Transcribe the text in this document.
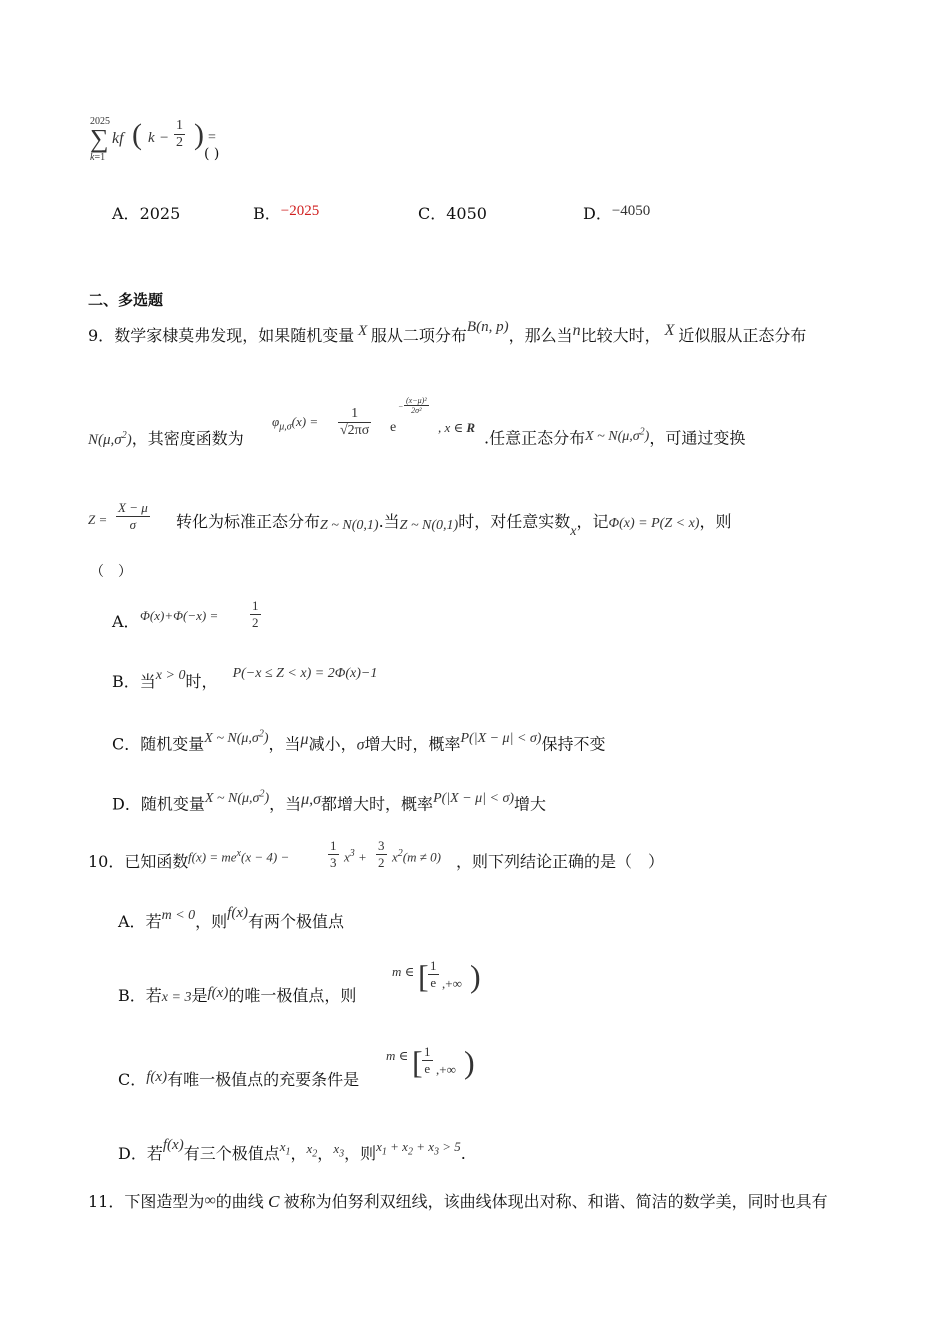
2025
∑
k=1
kf ( $k - \frac{1}{2}$ ) =
( )
A．2025	B．−2025	C．4050	D．−4050
二、多选题
9．数学家棣莫弗发现，如果随机变量 X 服从二项分布B(n, p)，那么当n比较大时， X 近似服从正态分布
$N(\mu,\sigma^2)$，其密度函数为
$\varphi_{\mu,\sigma}(x) = \frac{1}{√2\pi\sigma}$ e
− $\frac{\text{(x−μ)²}}{\text{2σ²}}$
, x ∈ R
.任意正态分布X ~ $N(\mu,\sigma^2)$，可通过变换
$Z = \frac{X - \mu}{\sigma}$ 转化为标准正态分布Z ~ N(0,1).当Z ~ N(0,1)时，对任意实数x，记Φ(x) = P(Z < x)，则
（　）
A． $\Phi(x)+\Phi(-x) = \frac{1}{2}$
B．当x > 0时， P(−x ≤ Z < x) = 2Φ(x)−1
C．随机变量X ~ $N(\mu,\sigma^2)$，当μ减小，σ增大时，概率P(|X − μ| < σ)保持不变
D．随机变量X ~ $N(\mu,\sigma^2)$，当μ,σ都增大时，概率P(|X − μ| < σ)增大
10．已知函数 $f(x) = me^x(x - 4)$ −	$\frac{1}{3} x^3 + \frac{3}{2} x^2(m \ne 0)$ ，则下列结论正确的是（　）
A．若m < 0，则f(x)有两个极值点
B．若x = 3是f(x)的唯一极值点，则
m ∈ [ $\frac{1}{e}$ ,+∞ )
C．f(x)有唯一极值点的充要条件是
m ∈ [ $\frac{1}{e}$ ,+∞ )
D．若f(x)有三个极值点$^{x_1}$，$^{x_2}$，$^{x_3}$，则$^{x_1 + x_2 + x_3 > 5}$.
11．下图造型为∞的曲线 C 被称为伯努利双纽线，该曲线体现出对称、和谐、简洁的数学美，同时也具有
